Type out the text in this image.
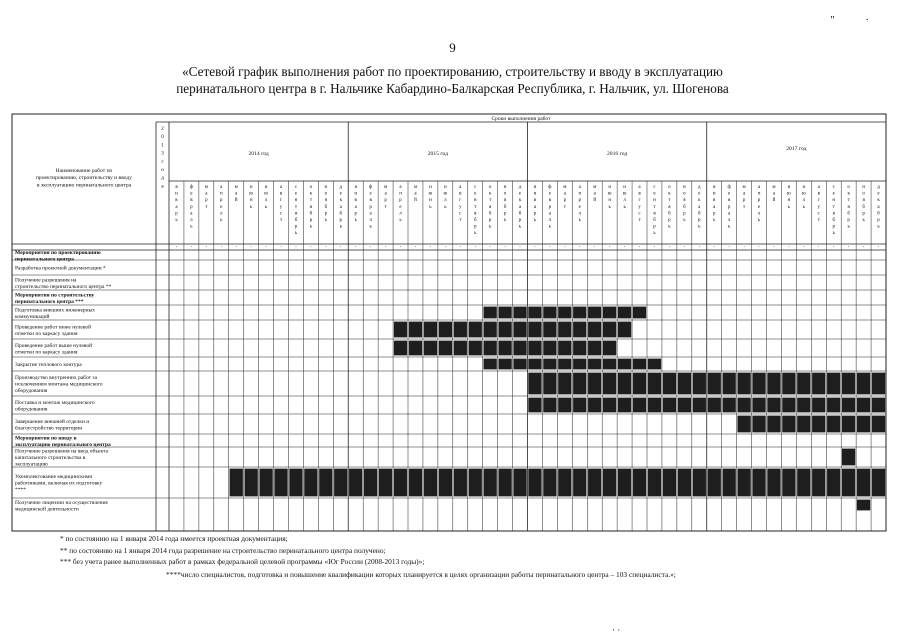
9
" ·
«Сетевой график выполнения работ по проектированию, строительству и вводу в эксплуатацию
перинатального центра в г. Нальчике Кабардино-Балкарская Республика, г. Нальчик, ул. Шогенова
Сроки выполнения работ
Наименование работ по
проектированию, строительству и вводу
в эксплуатацию перинатального центра
2
0
1
3
г
о
д
а
2014 год	2015 год	2016 год
2017 год
я
н
в
а
р
ь
ф
е
в
р
а
л
ь
м
а
р
т
а
п
р
е
л
ь
м
а
й
и
ю
н
ь
и
ю
л
ь
а
в
г
у
с
т
с
е
н
т
я
б
р
ь
о
к
т
я
б
р
ь
н
о
я
б
р
ь
д
е
к
а
б
р
ь
я
н
в
а
р
ь
ф
е
в
р
а
л
ь
м
а
р
т
а
п
р
е
л
ь
м
а
й
и
ю
н
ь
и
ю
л
ь
а
в
г
у
с
т
с
е
н
т
я
б
р
ь
о
к
т
я
б
р
ь
н
о
я
б
р
ь
д
е
к
а
б
р
ь
я
н
в
а
р
ь
ф
е
в
р
а
л
ь
м
а
р
т
а
п
р
е
л
ь
м
а
й
и
ю
н
ь
и
ю
л
ь
а
в
г
у
с
т
с
е
н
т
я
б
р
ь
о
к
т
я
б
р
ь
н
о
я
б
р
ь
д
е
к
а
б
р
ь
я
н
в
а
р
ь
ф
е
в
р
а
л
ь
м
а
р
т
а
п
р
е
л
ь
м
а
й
и
ю
н
ь
и
ю
л
ь
а
в
г
у
с
т
с
е
н
т
я
б
р
ь
о
к
т
я
б
р
ь
н
о
я
б
р
ь
д
е
к
а
б
р
ь
· · · · · · · · · · · · · · · · · · · · · · · · · · · · · · · · · · · · · · · · · · · · · · · ·
Мероприятия по проектированию
перинатального центра
Разработка проектной документации *
Получение разрешения на
строительство перинатального центра **
Мероприятия по строительству
перинатального центра ***
Подготовка внешних инженерных
коммуникаций
Проведение работ ниже нулевой
отметки по каркасу здания
Проведение работ выше нулевой
отметки по каркасу здания
Закрытие теплового контура
Производство внутренних работ за
исключением монтажа медицинского
оборудования
Поставка и монтаж медицинского
оборудования
Завершение внешней отделки и
благоустройство территории
Мероприятия по вводу в
эксплуатацию перинатального центра
Получение разрешения на ввод объекта
капитального строительства в
эксплуатацию
Укомплектование медицинскими
работниками, включая их подготовку
****
Получение лицензии на осуществление
медицинской деятельности
* по состоянию на 1 января 2014 года имеется проектная документация;
** по состоянию на 1 января 2014 года разрешение на строительство перинатального центра получено;
*** без учета ранее выполненных работ в рамках федеральной целевой программы «Юг России (2008-2013 годы)»;
****число специалистов, подготовка и повышение квалификации которых планируется в целях организации работы перинатального центра – 103 специалиста.»;
· ·
